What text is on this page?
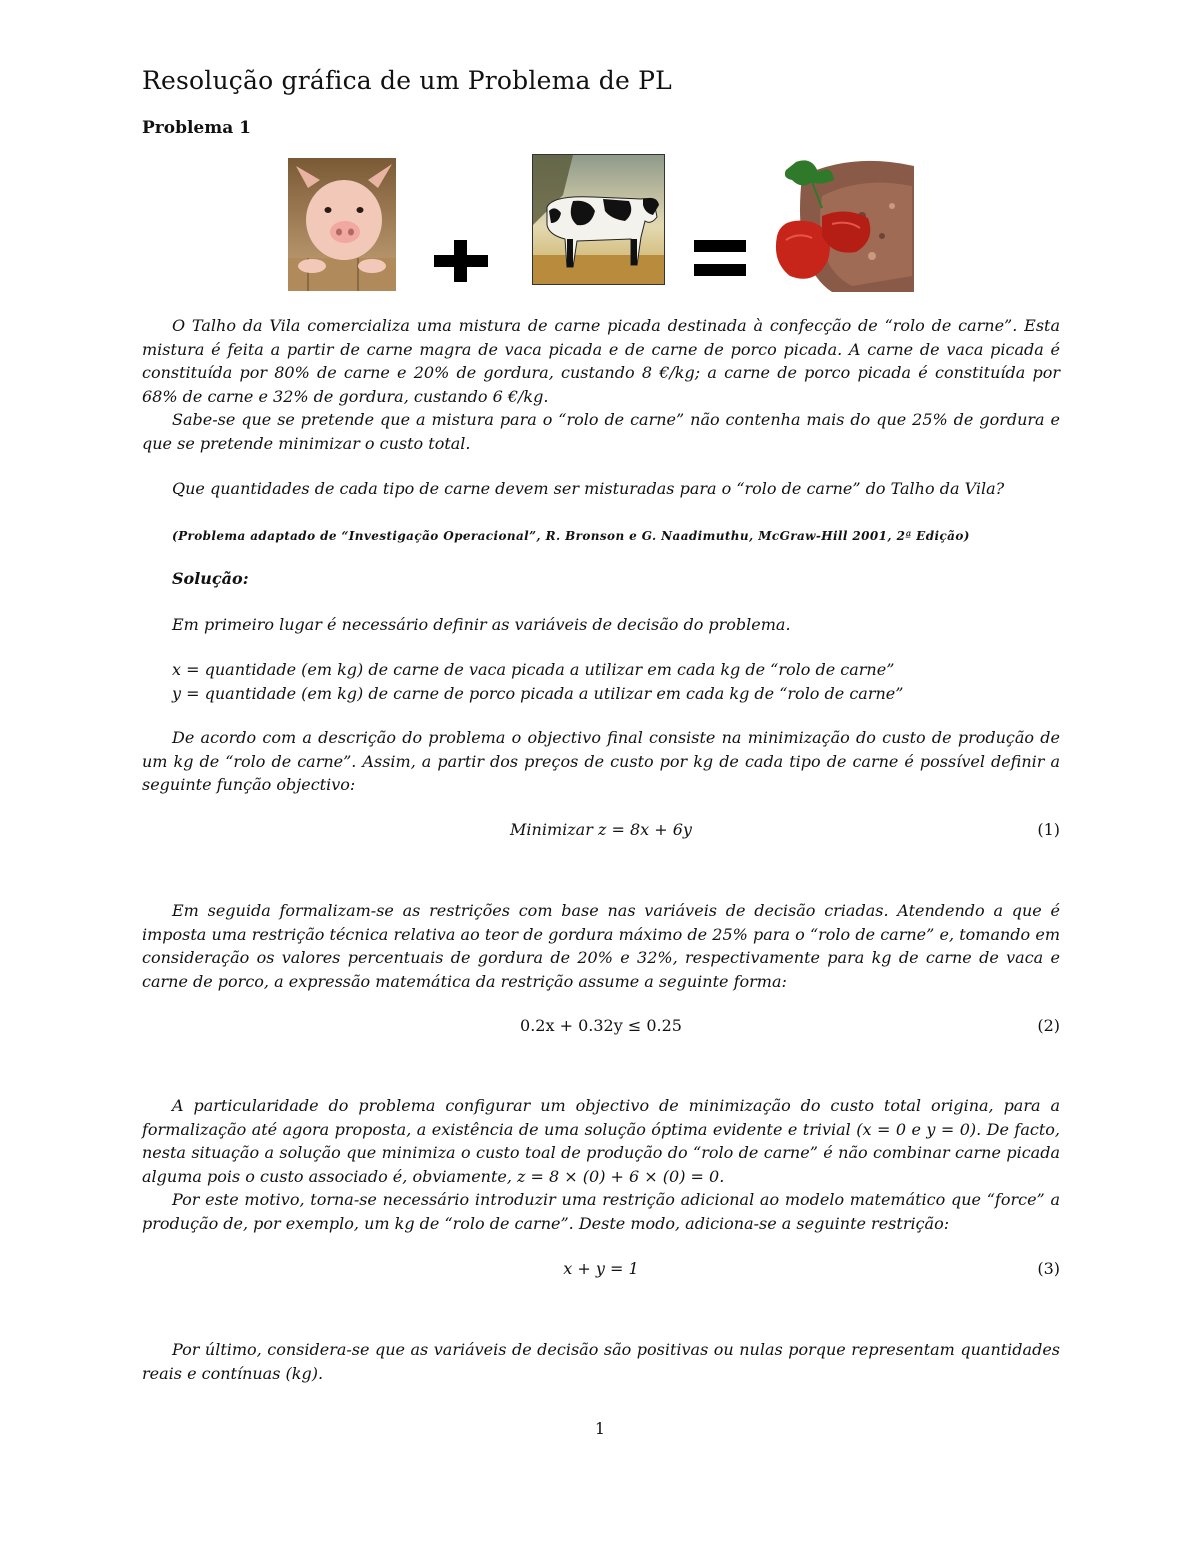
Resolução gráfica de um Problema de PL
Problema 1

O Talho da Vila comercializa uma mistura de carne picada destinada à confecção de “rolo de carne”. Esta mistura é feita a partir de carne magra de vaca picada e de carne de porco picada. A carne de vaca picada é constituída por 80% de carne e 20% de gordura, custando 8 €/kg; a carne de porco picada é constituída por 68% de carne e 32% de gordura, custando 6 €/kg.

Sabe-se que se pretende que a mistura para o “rolo de carne” não contenha mais do que 25% de gordura e que se pretende minimizar o custo total.

Que quantidades de cada tipo de carne devem ser misturadas para o “rolo de carne” do Talho da Vila?

(Problema adaptado de “Investigação Operacional”, R. Bronson e G. Naadimuthu, McGraw-Hill 2001, 2ª Edição)

Solução:

Em primeiro lugar é necessário definir as variáveis de decisão do problema.

x = quantidade (em kg) de carne de vaca picada a utilizar em cada kg de “rolo de carne”

y = quantidade (em kg) de carne de porco picada a utilizar em cada kg de “rolo de carne”

De acordo com a descrição do problema o objectivo final consiste na minimização do custo de produção de um kg de “rolo de carne”. Assim, a partir dos preços de custo por kg de cada tipo de carne é possível definir a seguinte função objectivo:

Minimizar z = 8x + 6y	(1)

Em seguida formalizam-se as restrições com base nas variáveis de decisão criadas. Atendendo a que é imposta uma restrição técnica relativa ao teor de gordura máximo de 25% para o “rolo de carne” e, tomando em consideração os valores percentuais de gordura de 20% e 32%, respectivamente para kg de carne de vaca e carne de porco, a expressão matemática da restrição assume a seguinte forma:

0.2x + 0.32y ≤ 0.25	(2)

A particularidade do problema configurar um objectivo de minimização do custo total origina, para a formalização até agora proposta, a existência de uma solução óptima evidente e trivial (x = 0 e y = 0). De facto, nesta situação a solução que minimiza o custo toal de produção do “rolo de carne” é não combinar carne picada alguma pois o custo associado é, obviamente, z = 8 × (0) + 6 × (0) = 0.

Por este motivo, torna-se necessário introduzir uma restrição adicional ao modelo matemático que “force” a produção de, por exemplo, um kg de “rolo de carne”. Deste modo, adiciona-se a seguinte restrição:

x + y = 1	(3)

Por último, considera-se que as variáveis de decisão são positivas ou nulas porque representam quantidades reais e contínuas (kg).

1
